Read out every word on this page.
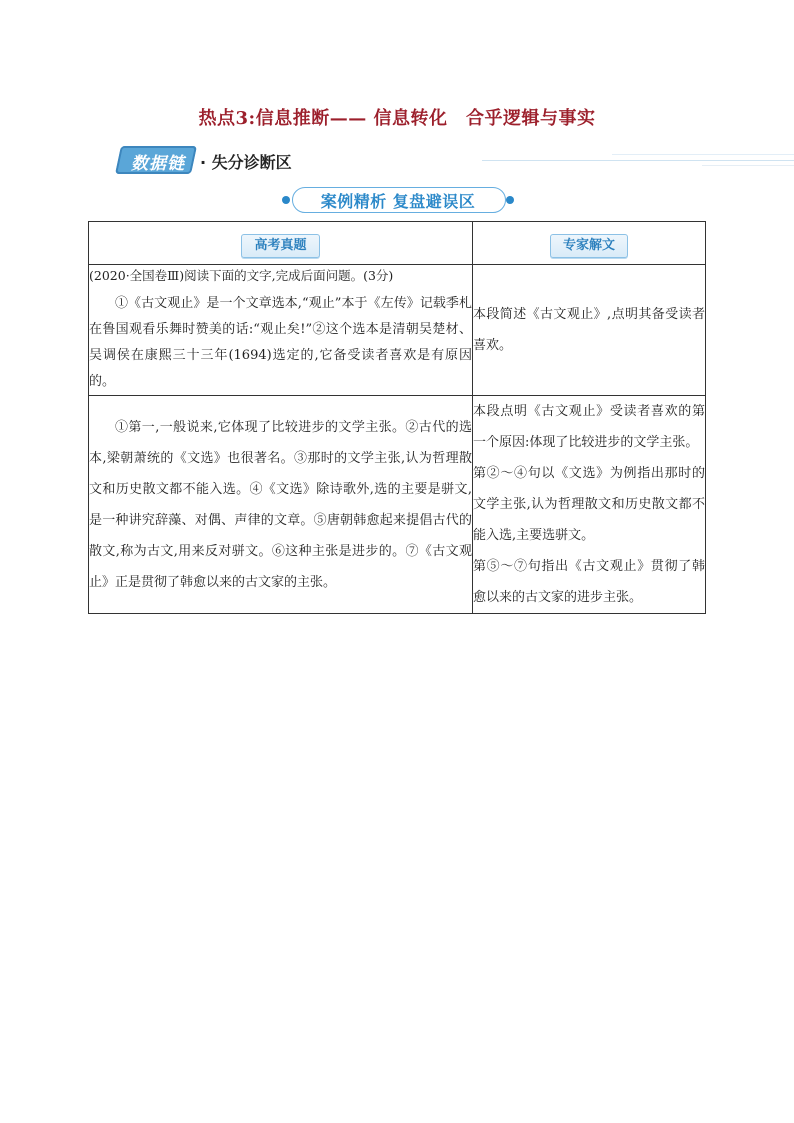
热点3:信息推断—— 信息转化　合乎逻辑与事实
数据链 · 失分诊断区
案例精析 复盘避误区
高考真题	专家解文

(2020·全国卷Ⅲ)阅读下面的文字,完成后面问题。(3分)
①《古文观止》是一个文章选本,“观止”本于《左传》记载季札在鲁国观看乐舞时赞美的话:“观止矣!”②这个选本是清朝吴楚材、吴调侯在康熙三十三年(1694)选定的,它备受读者喜欢是有原因的。	本段简述《古文观止》,点明其备受读者喜欢。

①第一,一般说来,它体现了比较进步的文学主张。②古代的选本,梁朝萧统的《文选》也很著名。③那时的文学主张,认为哲理散文和历史散文都不能入选。④《文选》除诗歌外,选的主要是骈文,是一种讲究辞藻、对偶、声律的文章。⑤唐朝韩愈起来提倡古代的散文,称为古文,用来反对骈文。⑥这种主张是进步的。⑦《古文观止》正是贯彻了韩愈以来的古文家的主张。	本段点明《古文观止》受读者喜欢的第一个原因:体现了比较进步的文学主张。

第②～④句以《文选》为例指出那时的文学主张,认为哲理散文和历史散文都不能入选,主要选骈文。

第⑤～⑦句指出《古文观止》贯彻了韩愈以来的古文家的进步主张。
